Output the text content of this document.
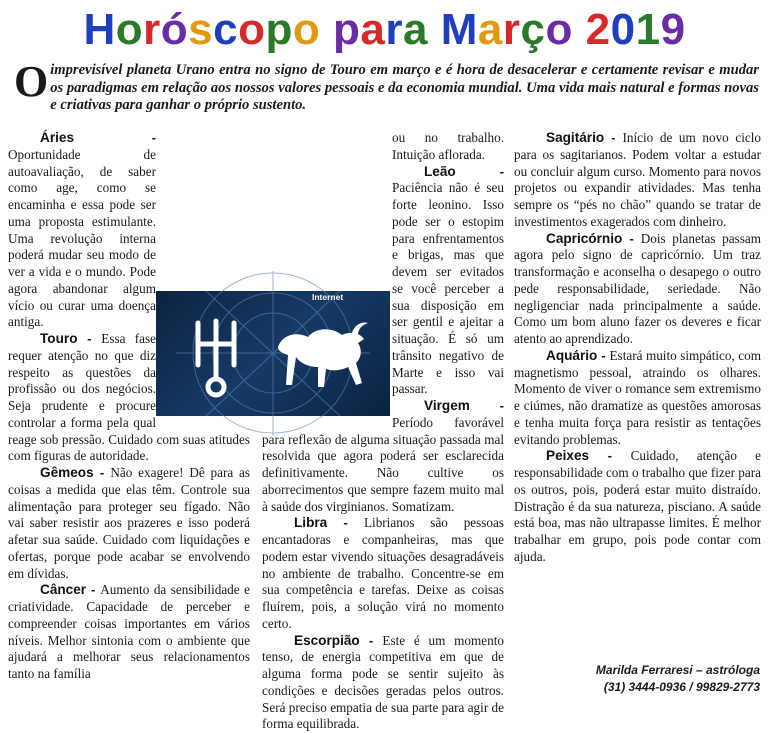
Horóscopo para Março 2019
O imprevisível planeta Urano entra no signo de Touro em março e é hora de desacelerar e certamente revisar e mudar os paradigmas em relação aos nossos valores pessoais e da economia mundial. Uma vida mais natural e formas novas e criativas para ganhar o próprio sustento.

Áries - Oportunidade de autoavaliação, de saber como age, como se encaminha e essa pode ser uma proposta estimulante. Uma revolução interna poderá mudar seu modo de ver a vida e o mundo. Pode agora abandonar algum vício ou curar uma doença antiga.

Touro - Essa fase requer atenção no que diz respeito as questões da profissão ou dos negócios. Seja prudente e procure controlar a forma pela qual reage sob pressão. Cuidado com suas atitudes com figuras de autoridade.

Gêmeos - Não exagere! Dê para as coisas a medida que elas têm. Controle sua alimentação para proteger seu fígado. Não vai saber resistir aos prazeres e isso poderá afetar sua saúde. Cuidado com liquidações e ofertas, porque pode acabar se envolvendo em dívidas.

Câncer - Aumento da sensibilidade e criatividade. Capacidade de perceber e compreender coisas importantes em vários níveis. Melhor sintonia com o ambiente que ajudará a melhorar seus relacionamentos tanto na família

ou no trabalho. Intuição aflorada.

Leão - Paciência não é seu forte leonino. Isso pode ser o estopim para enfrentamentos e brigas, mas que devem ser evitados se você perceber a sua disposição em ser gentil e ajeitar a situação. É só um trânsito negativo de Marte e isso vai passar.

Virgem - Período favorável para reflexão de alguma situação passada mal resolvida que agora poderá ser esclarecida definitivamente. Não cultive os aborrecimentos que sempre fazem muito mal à saúde dos virginianos. Somatizam.

Libra - Librianos são pessoas encantadoras e companheiras, mas que podem estar vivendo situações desagradáveis no ambiente de trabalho. Concentre-se em sua competência e tarefas. Deixe as coisas fluírem, pois, a solução virá no momento certo.

Escorpião - Este é um momento tenso, de energia competitiva em que de alguma forma pode se sentir sujeito às condições e decisões geradas pelos outros. Será preciso empatia de sua parte para agir de forma equilibrada.

Sagitário - Início de um novo ciclo para os sagitarianos. Podem voltar a estudar ou concluir algum curso. Momento para novos projetos ou expandir atividades. Mas tenha sempre os “pés no chão” quando se tratar de investimentos exagerados com dinheiro.

Capricórnio - Dois planetas passam agora pelo signo de capricórnio. Um traz transformação e aconselha o desapego o outro pede responsabilidade, seriedade. Não negligenciar nada principalmente a saúde. Como um bom aluno fazer os deveres e ficar atento ao aprendizado.

Aquário - Estará muito simpático, com magnetismo pessoal, atraindo os olhares. Momento de viver o romance sem extremismo e ciúmes, não dramatize as questões amorosas e tenha muita força para resistir as tentações evitando problemas.

Peixes - Cuidado, atenção e responsabilidade com o trabalho que fizer para os outros, pois, poderá estar muito distraído. Distração é da sua natureza, pisciano. A saúde está boa, mas não ultrapasse limites. É melhor trabalhar em grupo, pois pode contar com ajuda.

Internet
Marilda Ferraresi – astróloga
(31) 3444-0936 / 99829-2773
